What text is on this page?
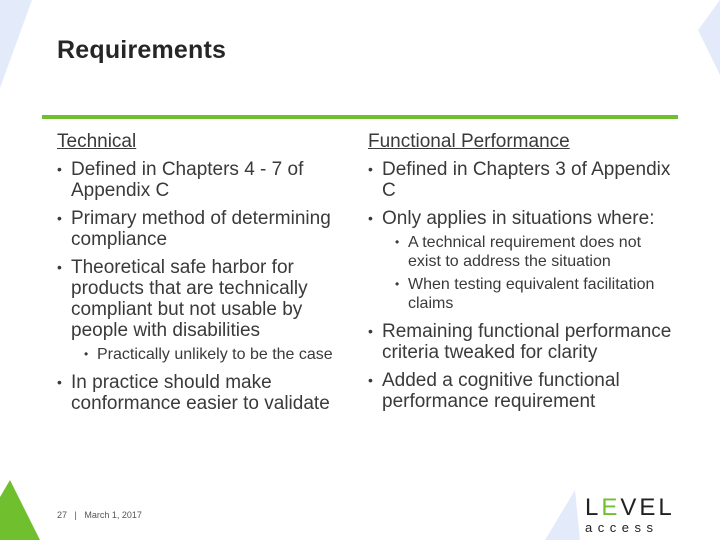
Requirements
Technical
• Defined in Chapters 4 - 7 of Appendix C
• Primary method of determining compliance
• Theoretical safe harbor for products that are technically compliant but not usable by people with disabilities
• Practically unlikely to be the case
• In practice should make conformance easier to validate
Functional Performance
• Defined in Chapters 3 of Appendix C
• Only applies in situations where:
• A technical requirement does not exist to address the situation
• When testing equivalent facilitation claims
• Remaining functional performance criteria tweaked for clarity
• Added a cognitive functional performance requirement
27 | March 1, 2017	LEVEL
access
